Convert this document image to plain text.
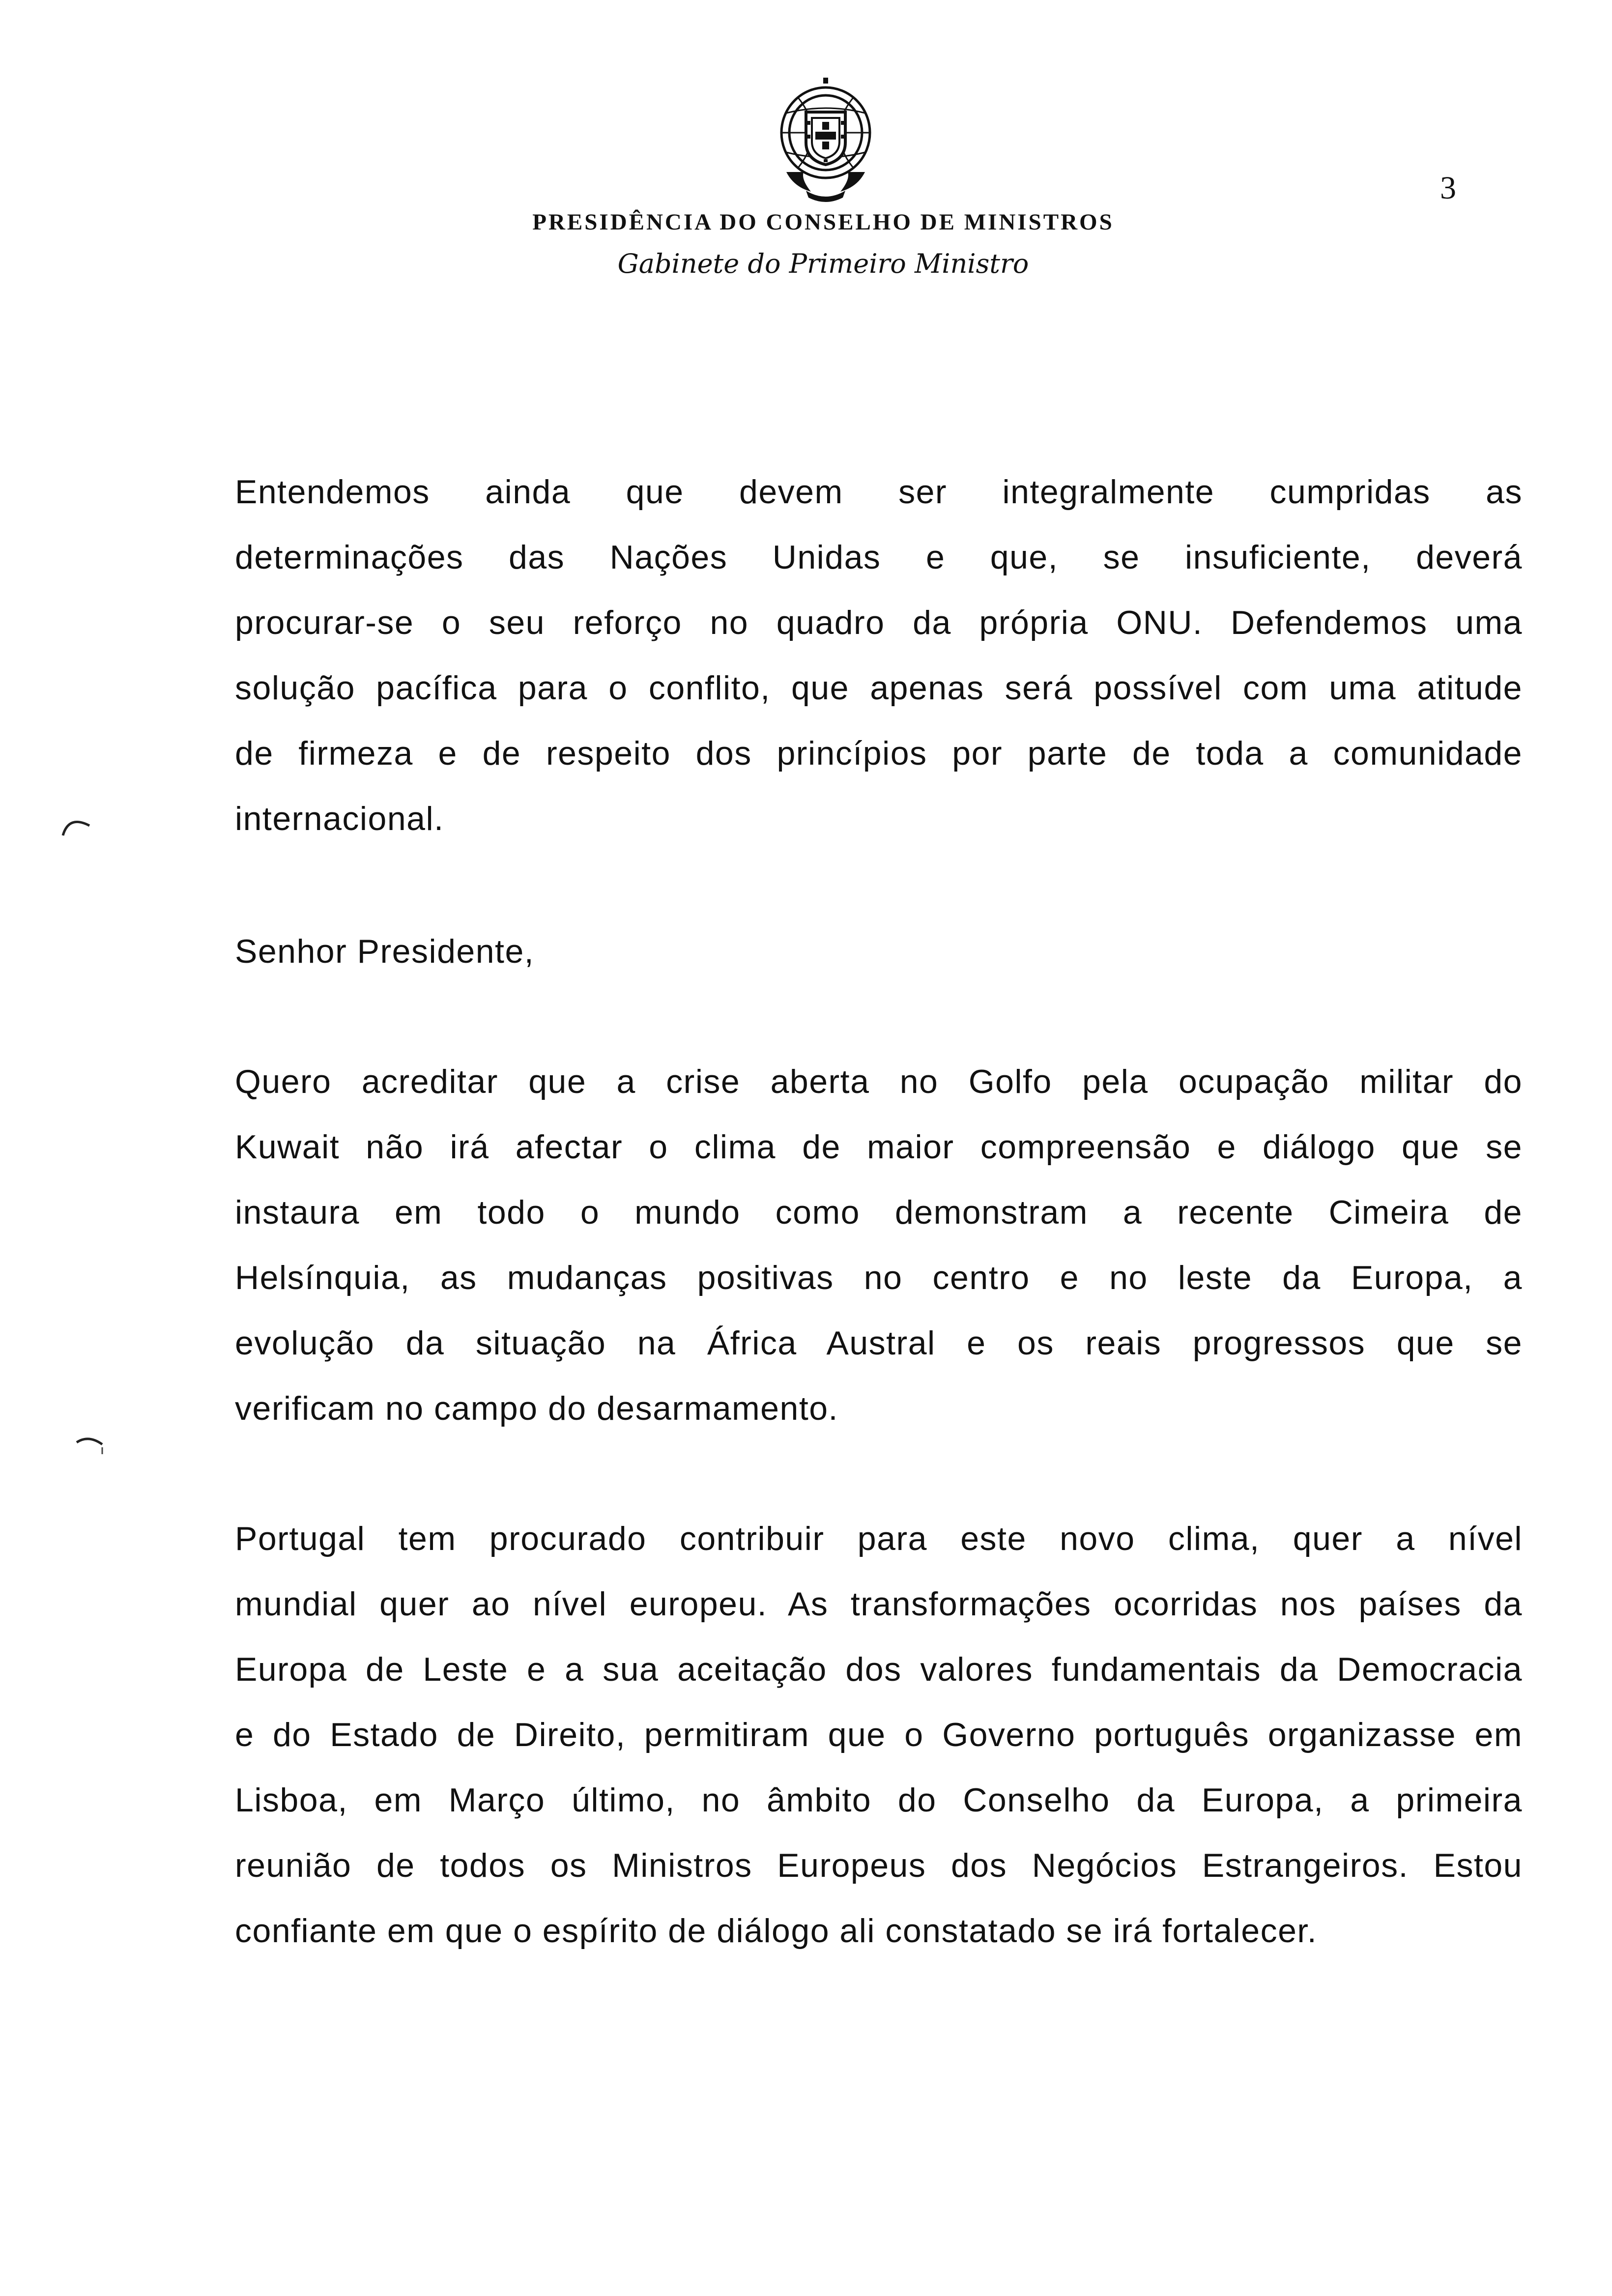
3
PRESIDÊNCIA DO CONSELHO DE MINISTROS
Gabinete do Primeiro Ministro

Entendemos ainda que devem ser integralmente cumpridas as
determinações das Nações Unidas e que, se insuficiente, deverá
procurar-se o seu reforço no quadro da própria ONU. Defendemos uma
solução pacífica para o conflito, que apenas será possível com uma atitude
de firmeza e de respeito dos princípios por parte de toda a comunidade
internacional.

Senhor Presidente,

Quero acreditar que a crise aberta no Golfo pela ocupação militar do
Kuwait não irá afectar o clima de maior compreensão e diálogo que se
instaura em todo o mundo como demonstram a recente Cimeira de
Helsínquia, as mudanças positivas no centro e no leste da Europa, a
evolução da situação na África Austral e os reais progressos que se
verificam no campo do desarmamento.

Portugal tem procurado contribuir para este novo clima, quer a nível
mundial quer ao nível europeu. As transformações ocorridas nos países da
Europa de Leste e a sua aceitação dos valores fundamentais da Democracia
e do Estado de Direito, permitiram que o Governo português organizasse em
Lisboa, em Março último, no âmbito do Conselho da Europa, a primeira
reunião de todos os Ministros Europeus dos Negócios Estrangeiros. Estou
confiante em que o espírito de diálogo ali constatado se irá fortalecer.
